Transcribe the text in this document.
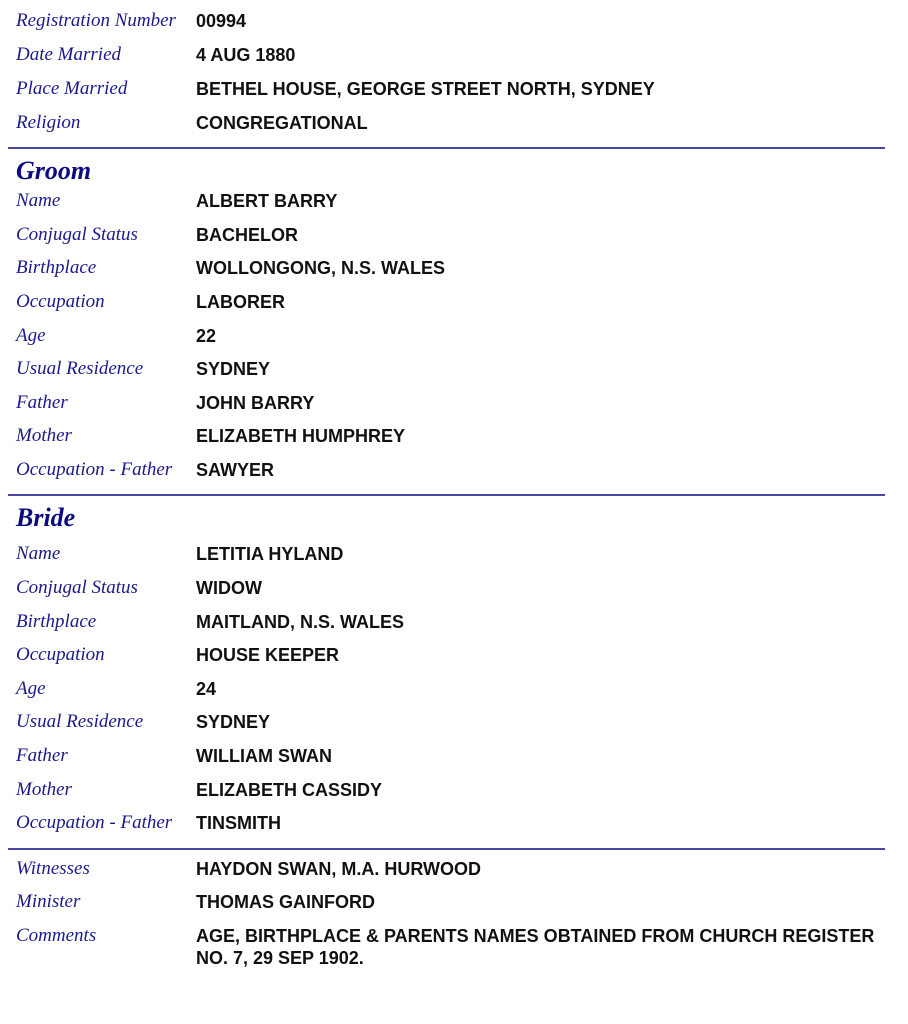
Registration Number 00994
Date Married	4 AUG 1880
Place Married	BETHEL HOUSE, GEORGE STREET NORTH, SYDNEY
Religion	CONGREGATIONAL
Groom
Name	ALBERT BARRY
Conjugal Status	BACHELOR
Birthplace	WOLLONGONG, N.S. WALES
Occupation	LABORER
Age	22
Usual Residence	SYDNEY
Father	JOHN BARRY
Mother	ELIZABETH HUMPHREY
Occupation - Father SAWYER
Bride
Name	LETITIA HYLAND
Conjugal Status	WIDOW
Birthplace	MAITLAND, N.S. WALES
Occupation	HOUSE KEEPER
Age	24
Usual Residence	SYDNEY
Father	WILLIAM SWAN
Mother	ELIZABETH CASSIDY
Occupation - Father TINSMITH
Witnesses	HAYDON SWAN, M.A. HURWOOD
Minister	THOMAS GAINFORD
Comments	AGE, BIRTHPLACE & PARENTS NAMES OBTAINED FROM CHURCH REGISTER NO. 7, 29 SEP 1902.
